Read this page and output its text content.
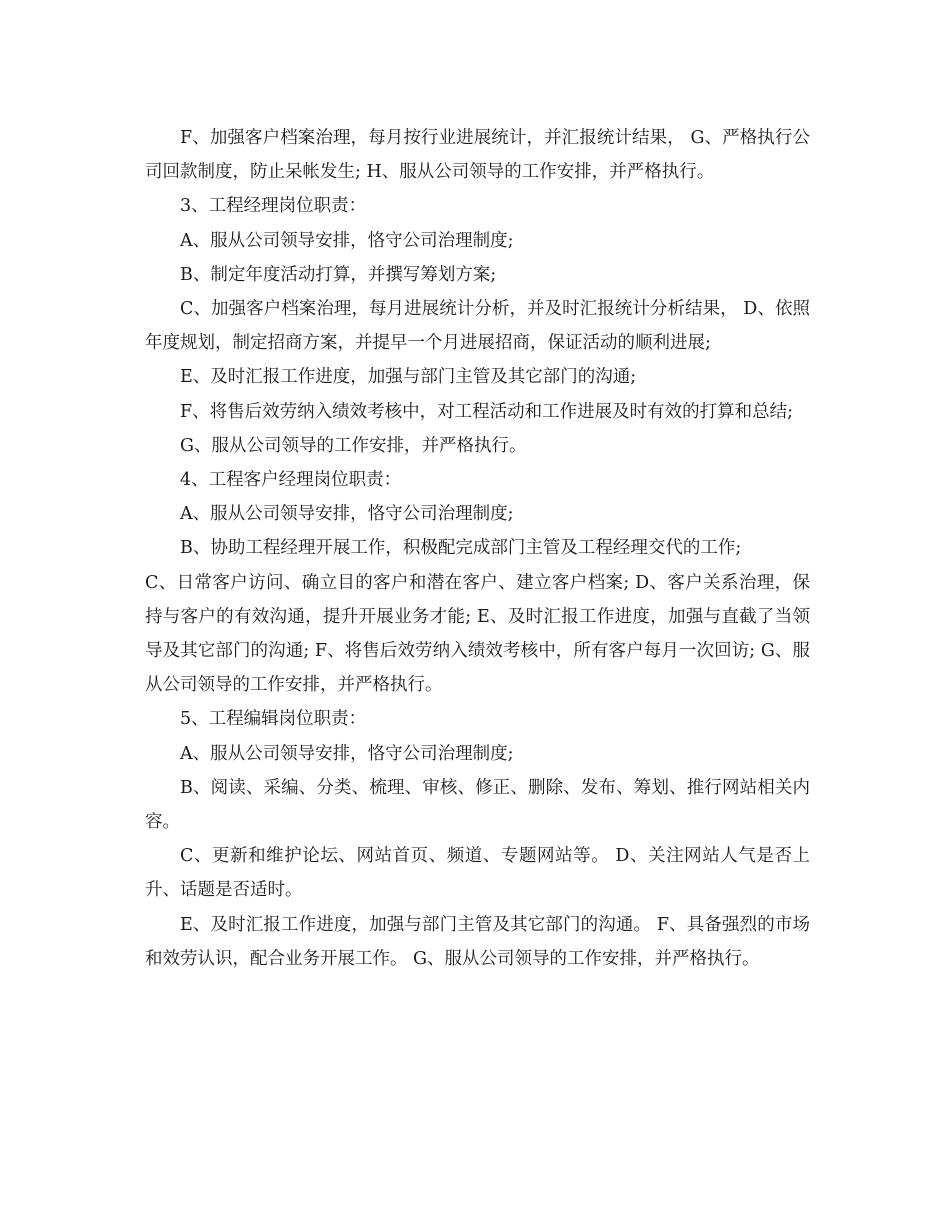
F、加强客户档案治理，每月按行业进展统计，并汇报统计结果， G、严格执行公司回款制度，防止呆帐发生; H、服从公司领导的工作安排，并严格执行。

3、工程经理岗位职责：

A、服从公司领导安排，恪守公司治理制度;

B、制定年度活动打算，并撰写筹划方案;

C、加强客户档案治理，每月进展统计分析，并及时汇报统计分析结果， D、依照年度规划，制定招商方案，并提早一个月进展招商，保证活动的顺利进展;

E、及时汇报工作进度，加强与部门主管及其它部门的沟通;

F、将售后效劳纳入绩效考核中，对工程活动和工作进展及时有效的打算和总结;

G、服从公司领导的工作安排，并严格执行。

4、工程客户经理岗位职责：

A、服从公司领导安排，恪守公司治理制度;

B、协助工程经理开展工作，积极配完成部门主管及工程经理交代的工作;

C、日常客户访问、确立目的客户和潜在客户、建立客户档案; D、客户关系治理，保持与客户的有效沟通，提升开展业务才能; E、及时汇报工作进度，加强与直截了当领导及其它部门的沟通; F、将售后效劳纳入绩效考核中，所有客户每月一次回访; G、服从公司领导的工作安排，并严格执行。

5、工程编辑岗位职责：

A、服从公司领导安排，恪守公司治理制度;

B、阅读、采编、分类、梳理、审核、修正、删除、发布、筹划、推行网站相关内容。

C、更新和维护论坛、网站首页、频道、专题网站等。 D、关注网站人气是否上升、话题是否适时。

E、及时汇报工作进度，加强与部门主管及其它部门的沟通。 F、具备强烈的市场和效劳认识，配合业务开展工作。 G、服从公司领导的工作安排，并严格执行。
